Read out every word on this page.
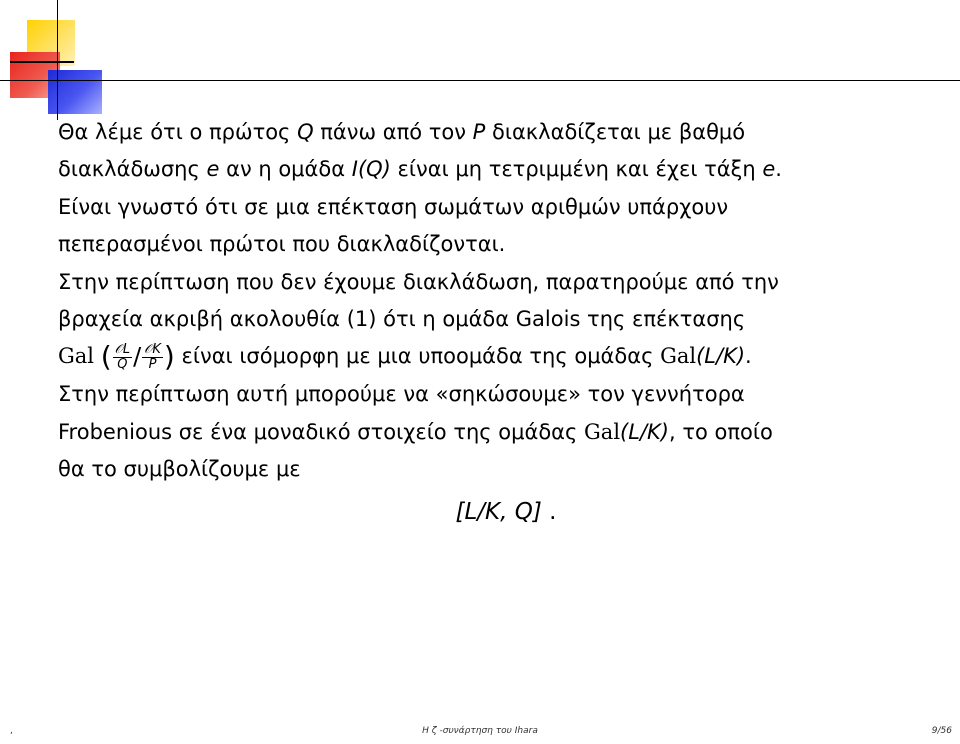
Θα λέμε ότι ο πρώτος Q πάνω από τον P διακλαδίζεται με βαθμό
διακλάδωσης e αν η ομάδα I(Q) είναι μη τετριμμένη και έχει τάξη e.
Είναι γνωστό ότι σε μια επέκταση σωμάτων αριθμών υπάρχουν
πεπερασμένοι πρώτοι που διακλαδίζονται.
Στην περίπτωση που δεν έχουμε διακλάδωση, παρατηρούμε από την
βραχεία ακριβή ακολουθία (1) ότι η ομάδα Galois της επέκτασης
Gal ( $\frac{\text{𝒪L}}{Q} / \frac{\text{𝒪K}}{P}$ ) είναι ισόμορφη με μια υποομάδα της ομάδας Gal(L/K).
Στην περίπτωση αυτή μπορούμε να «σηκώσουμε» τον γεννήτορα
Frobenious σε ένα μοναδικό στοιχείο της ομάδας Gal(L/K), το οποίο
θα το συμβολίζουμε με
[L/K, Q] .
,	Η ζ -συνάρτηση του Ihara	9/56
